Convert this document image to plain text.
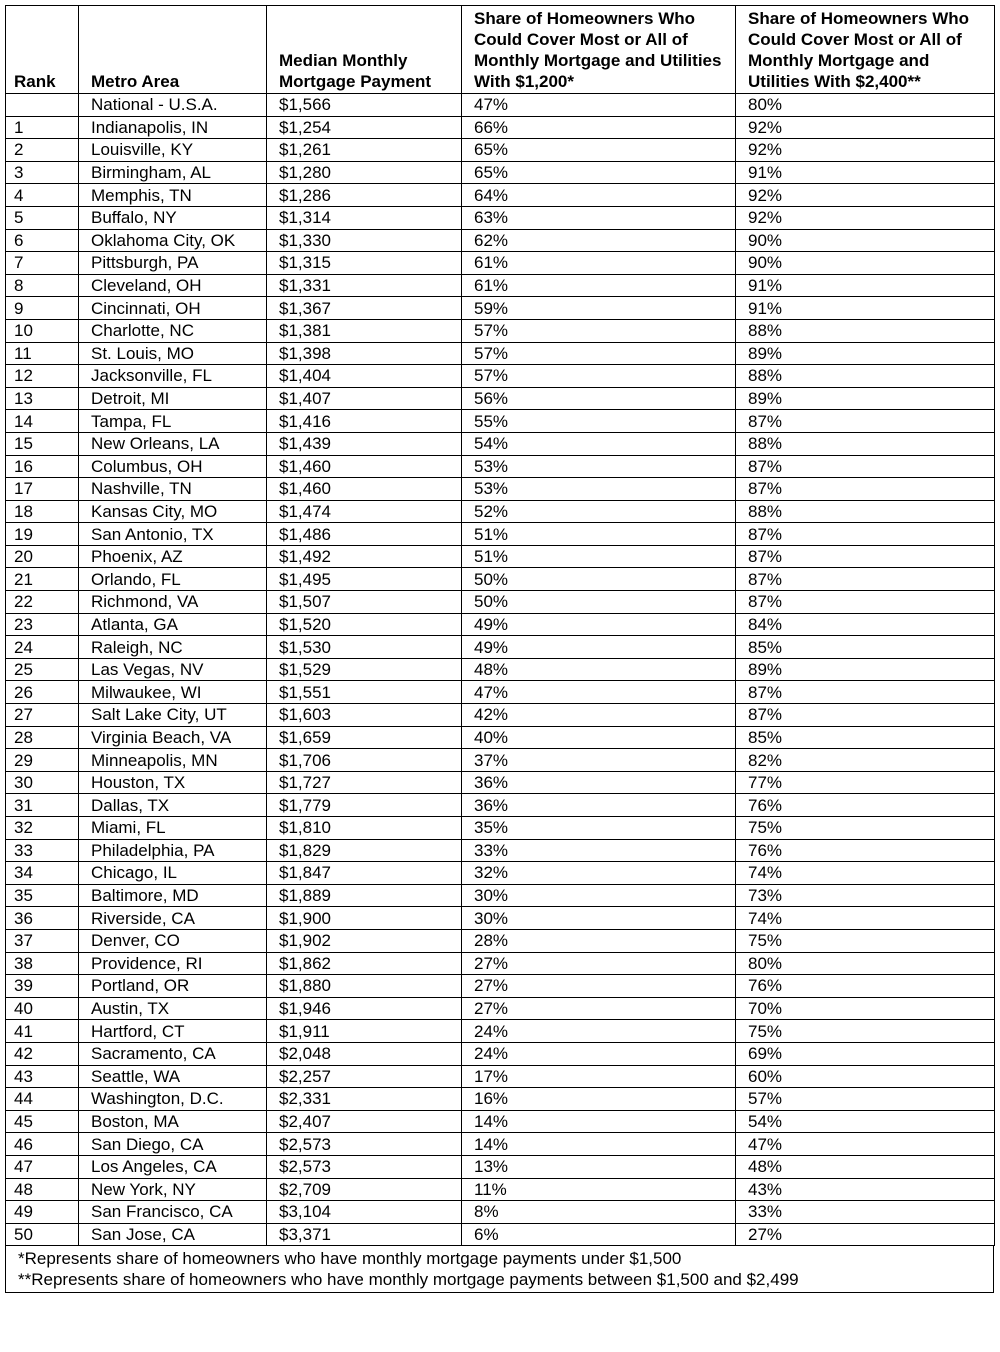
Rank	Metro Area	Median Monthly Mortgage Payment	Share of Homeowners Who Could Cover Most or All of Monthly Mortgage and Utilities With $1,200*	Share of Homeowners Who Could Cover Most or All of Monthly Mortgage and Utilities With $2,400**
	National - U.S.A.	$1,566	47%	80%
1	Indianapolis, IN	$1,254	66%	92%
2	Louisville, KY	$1,261	65%	92%
3	Birmingham, AL	$1,280	65%	91%
4	Memphis, TN	$1,286	64%	92%
5	Buffalo, NY	$1,314	63%	92%
6	Oklahoma City, OK	$1,330	62%	90%
7	Pittsburgh, PA	$1,315	61%	90%
8	Cleveland, OH	$1,331	61%	91%
9	Cincinnati, OH	$1,367	59%	91%
10	Charlotte, NC	$1,381	57%	88%
11	St. Louis, MO	$1,398	57%	89%
12	Jacksonville, FL	$1,404	57%	88%
13	Detroit, MI	$1,407	56%	89%
14	Tampa, FL	$1,416	55%	87%
15	New Orleans, LA	$1,439	54%	88%
16	Columbus, OH	$1,460	53%	87%
17	Nashville, TN	$1,460	53%	87%
18	Kansas City, MO	$1,474	52%	88%
19	San Antonio, TX	$1,486	51%	87%
20	Phoenix, AZ	$1,492	51%	87%
21	Orlando, FL	$1,495	50%	87%
22	Richmond, VA	$1,507	50%	87%
23	Atlanta, GA	$1,520	49%	84%
24	Raleigh, NC	$1,530	49%	85%
25	Las Vegas, NV	$1,529	48%	89%
26	Milwaukee, WI	$1,551	47%	87%
27	Salt Lake City, UT	$1,603	42%	87%
28	Virginia Beach, VA	$1,659	40%	85%
29	Minneapolis, MN	$1,706	37%	82%
30	Houston, TX	$1,727	36%	77%
31	Dallas, TX	$1,779	36%	76%
32	Miami, FL	$1,810	35%	75%
33	Philadelphia, PA	$1,829	33%	76%
34	Chicago, IL	$1,847	32%	74%
35	Baltimore, MD	$1,889	30%	73%
36	Riverside, CA	$1,900	30%	74%
37	Denver, CO	$1,902	28%	75%
38	Providence, RI	$1,862	27%	80%
39	Portland, OR	$1,880	27%	76%
40	Austin, TX	$1,946	27%	70%
41	Hartford, CT	$1,911	24%	75%
42	Sacramento, CA	$2,048	24%	69%
43	Seattle, WA	$2,257	17%	60%
44	Washington, D.C.	$2,331	16%	57%
45	Boston, MA	$2,407	14%	54%
46	San Diego, CA	$2,573	14%	47%
47	Los Angeles, CA	$2,573	13%	48%
48	New York, NY	$2,709	11%	43%
49	San Francisco, CA	$3,104	8%	33%
50	San Jose, CA	$3,371	6%	27%
*Represents share of homeowners who have monthly mortgage payments under $1,500
**Represents share of homeowners who have monthly mortgage payments between $1,500 and $2,499
